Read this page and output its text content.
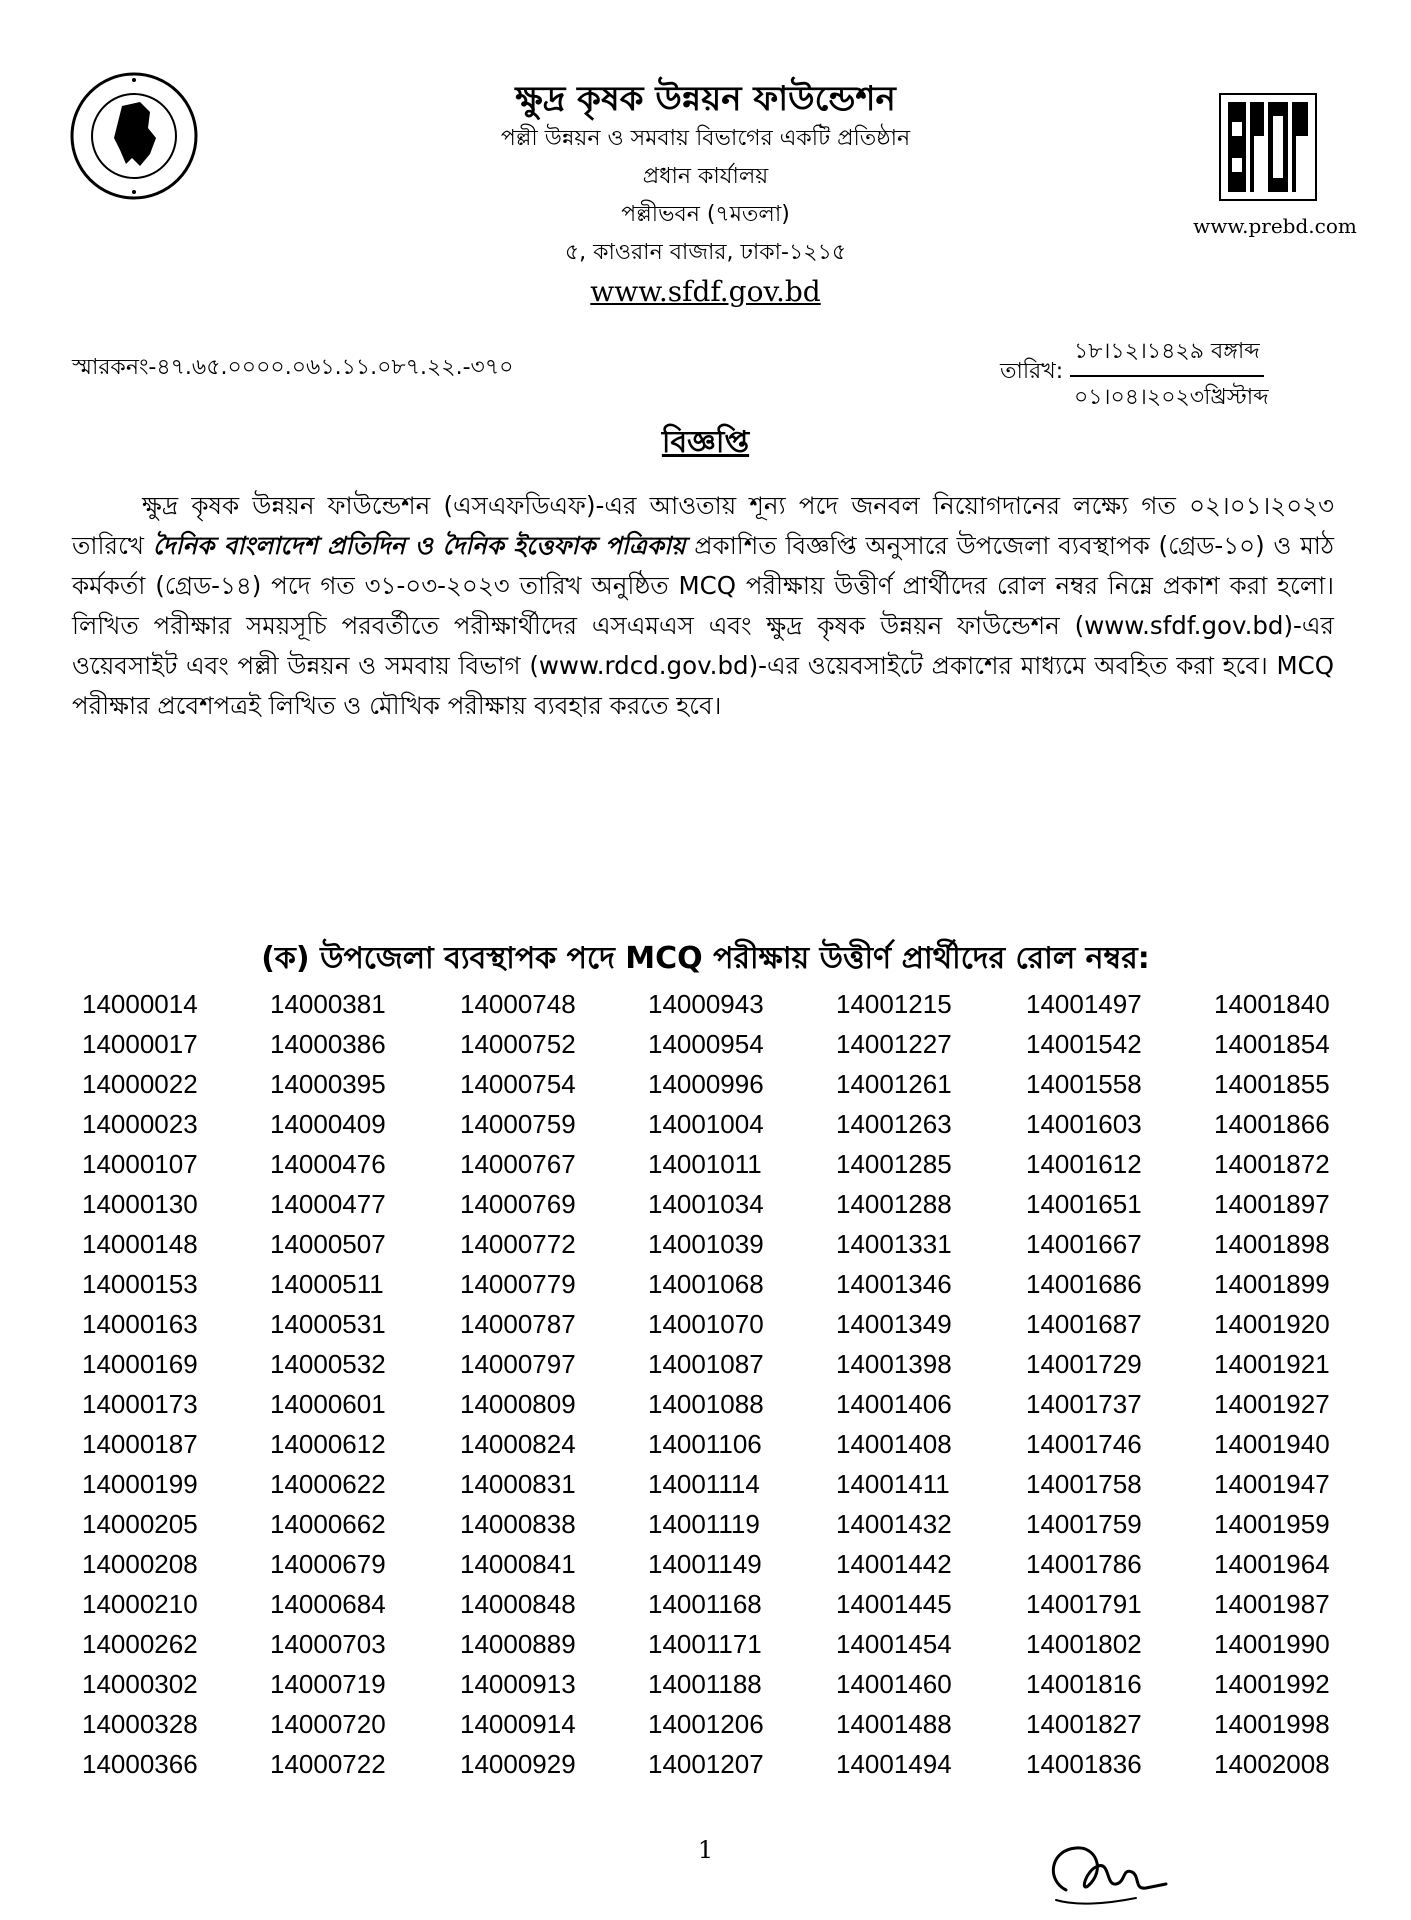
ক্ষুদ্র কৃষক উন্নয়ন ফাউন্ডেশন
পল্লী উন্নয়ন ও সমবায় বিভাগের একটি প্রতিষ্ঠান
প্রধান কার্যালয়
পল্লীভবন (৭মতলা)
৫, কাওরান বাজার, ঢাকা-১২১৫
www.sfdf.gov.bd
www.prebd.com
স্মারকনং-৪৭.৬৫.০০০০.০৬১.১১.০৮৭.২২.-৩৭০	তারিখ:
১৮।১২।১৪২৯ বঙ্গাব্দ
০১।০৪।২০২৩খ্রিস্টাব্দ
বিজ্ঞপ্তি
ক্ষুদ্র কৃষক উন্নয়ন ফাউন্ডেশন (এসএফডিএফ)-এর আওতায় শূন্য পদে জনবল নিয়োগদানের লক্ষ্যে গত ০২।০১।২০২৩ তারিখে দৈনিক বাংলাদেশ প্রতিদিন ও দৈনিক ইত্তেফাক পত্রিকায় প্রকাশিত বিজ্ঞপ্তি অনুসারে উপজেলা ব্যবস্থাপক (গ্রেড-১০) ও মাঠ কর্মকর্তা (গ্রেড-১৪) পদে গত ৩১-০৩-২০২৩ তারিখ অনুষ্ঠিত MCQ পরীক্ষায় উত্তীর্ণ প্রার্থীদের রোল নম্বর নিম্নে প্রকাশ করা হলো। লিখিত পরীক্ষার সময়সূচি পরবর্তীতে পরীক্ষার্থীদের এসএমএস এবং ক্ষুদ্র কৃষক উন্নয়ন ফাউন্ডেশন (www.sfdf.gov.bd)-এর ওয়েবসাইট এবং পল্লী উন্নয়ন ও সমবায় বিভাগ (www.rdcd.gov.bd)-এর ওয়েবসাইটে প্রকাশের মাধ্যমে অবহিত করা হবে। MCQ পরীক্ষার প্রবেশপত্রই লিখিত ও মৌখিক পরীক্ষায় ব্যবহার করতে হবে।
(ক) উপজেলা ব্যবস্থাপক পদে MCQ পরীক্ষায় উত্তীর্ণ প্রার্থীদের রোল নম্বর:
14000014
14000017
14000022
14000023
14000107
14000130
14000148
14000153
14000163
14000169
14000173
14000187
14000199
14000205
14000208
14000210
14000262
14000302
14000328
14000366
14000381
14000386
14000395
14000409
14000476
14000477
14000507
14000511
14000531
14000532
14000601
14000612
14000622
14000662
14000679
14000684
14000703
14000719
14000720
14000722
14000748
14000752
14000754
14000759
14000767
14000769
14000772
14000779
14000787
14000797
14000809
14000824
14000831
14000838
14000841
14000848
14000889
14000913
14000914
14000929
14000943
14000954
14000996
14001004
14001011
14001034
14001039
14001068
14001070
14001087
14001088
14001106
14001114
14001119
14001149
14001168
14001171
14001188
14001206
14001207
14001215
14001227
14001261
14001263
14001285
14001288
14001331
14001346
14001349
14001398
14001406
14001408
14001411
14001432
14001442
14001445
14001454
14001460
14001488
14001494
14001497
14001542
14001558
14001603
14001612
14001651
14001667
14001686
14001687
14001729
14001737
14001746
14001758
14001759
14001786
14001791
14001802
14001816
14001827
14001836
14001840
14001854
14001855
14001866
14001872
14001897
14001898
14001899
14001920
14001921
14001927
14001940
14001947
14001959
14001964
14001987
14001990
14001992
14001998
14002008
1
